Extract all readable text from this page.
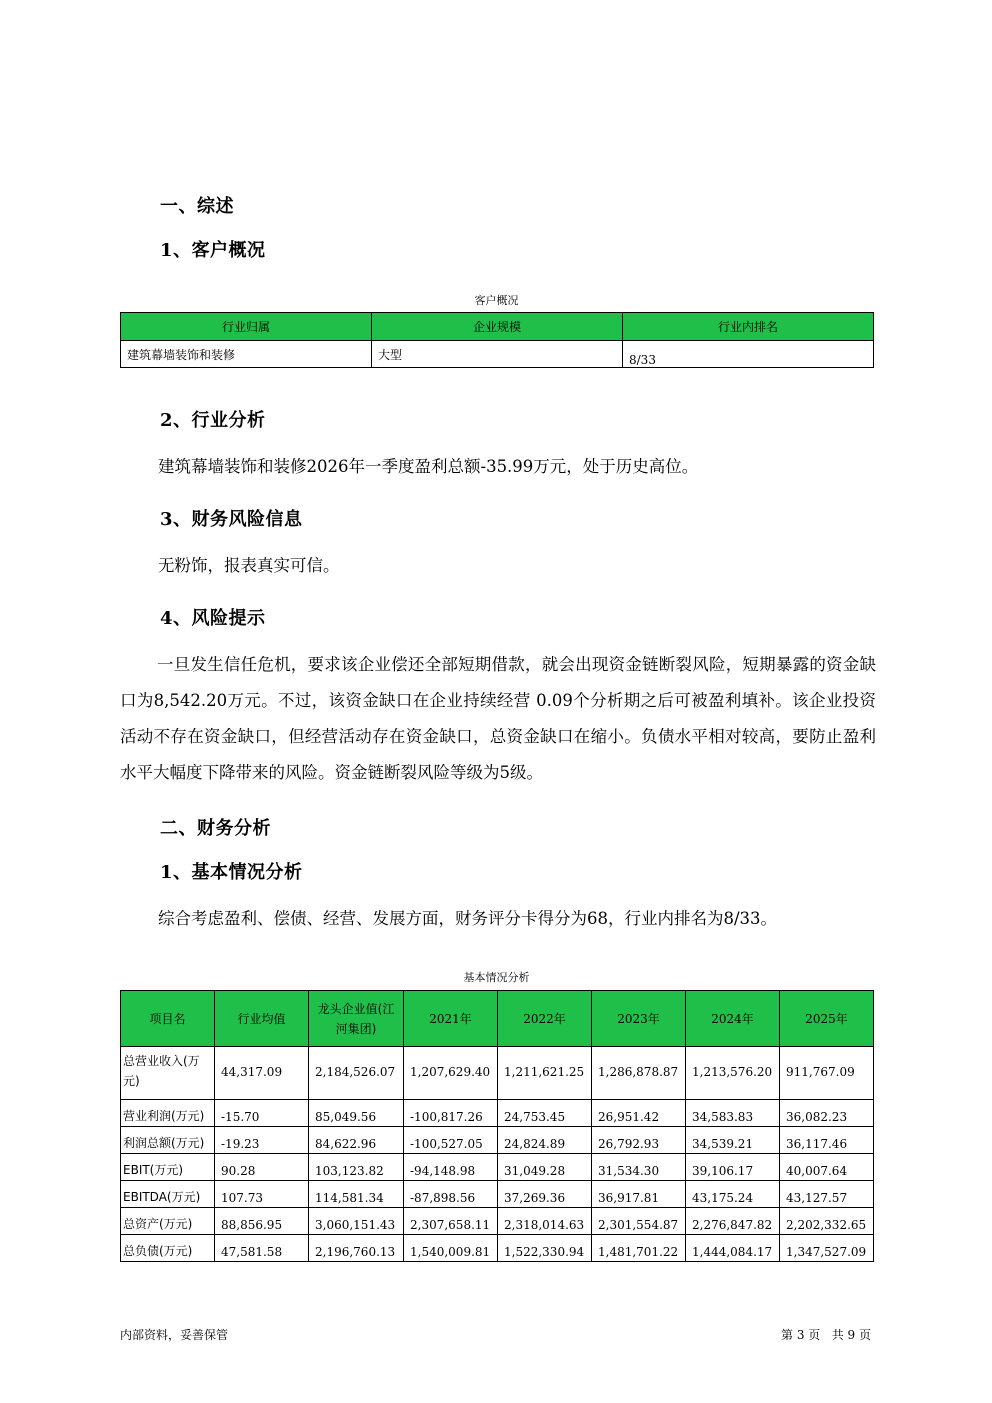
一、综述
1、客户概况
客户概况
行业归属	企业规模	行业内排名
建筑幕墙装饰和装修	大型	8/33
2、行业分析
建筑幕墙装饰和装修2026年一季度盈利总额-35.99万元，处于历史高位。
3、财务风险信息
无粉饰，报表真实可信。
4、风险提示
一旦发生信任危机，要求该企业偿还全部短期借款，就会出现资金链断裂风险，短期暴露的资金缺口为8,542.20万元。不过，该资金缺口在企业持续经营 0.09个分析期之后可被盈利填补。该企业投资活动不存在资金缺口，但经营活动存在资金缺口，总资金缺口在缩小。负债水平相对较高，要防止盈利水平大幅度下降带来的风险。资金链断裂风险等级为5级。
二、财务分析
1、基本情况分析
综合考虑盈利、偿债、经营、发展方面，财务评分卡得分为68，行业内排名为8/33。
基本情况分析
项目名	行业均值	龙头企业值(江河集团)	2021年	2022年	2023年	2024年	2025年
总营业收入(万元)	44,317.09	2,184,526.07	1,207,629.40	1,211,621.25	1,286,878.87	1,213,576.20	911,767.09
营业利润(万元)	-15.70	85,049.56	-100,817.26	24,753.45	26,951.42	34,583.83	36,082.23
利润总额(万元)	-19.23	84,622.96	-100,527.05	24,824.89	26,792.93	34,539.21	36,117.46
EBIT(万元)	90.28	103,123.82	-94,148.98	31,049.28	31,534.30	39,106.17	40,007.64
EBITDA(万元)	107.73	114,581.34	-87,898.56	37,269.36	36,917.81	43,175.24	43,127.57
总资产(万元)	88,856.95	3,060,151.43	2,307,658.11	2,318,014.63	2,301,554.87	2,276,847.82	2,202,332.65
总负债(万元)	47,581.58	2,196,760.13	1,540,009.81	1,522,330.94	1,481,701.22	1,444,084.17	1,347,527.09
内部资料，妥善保管	第 3 页   共 9 页
